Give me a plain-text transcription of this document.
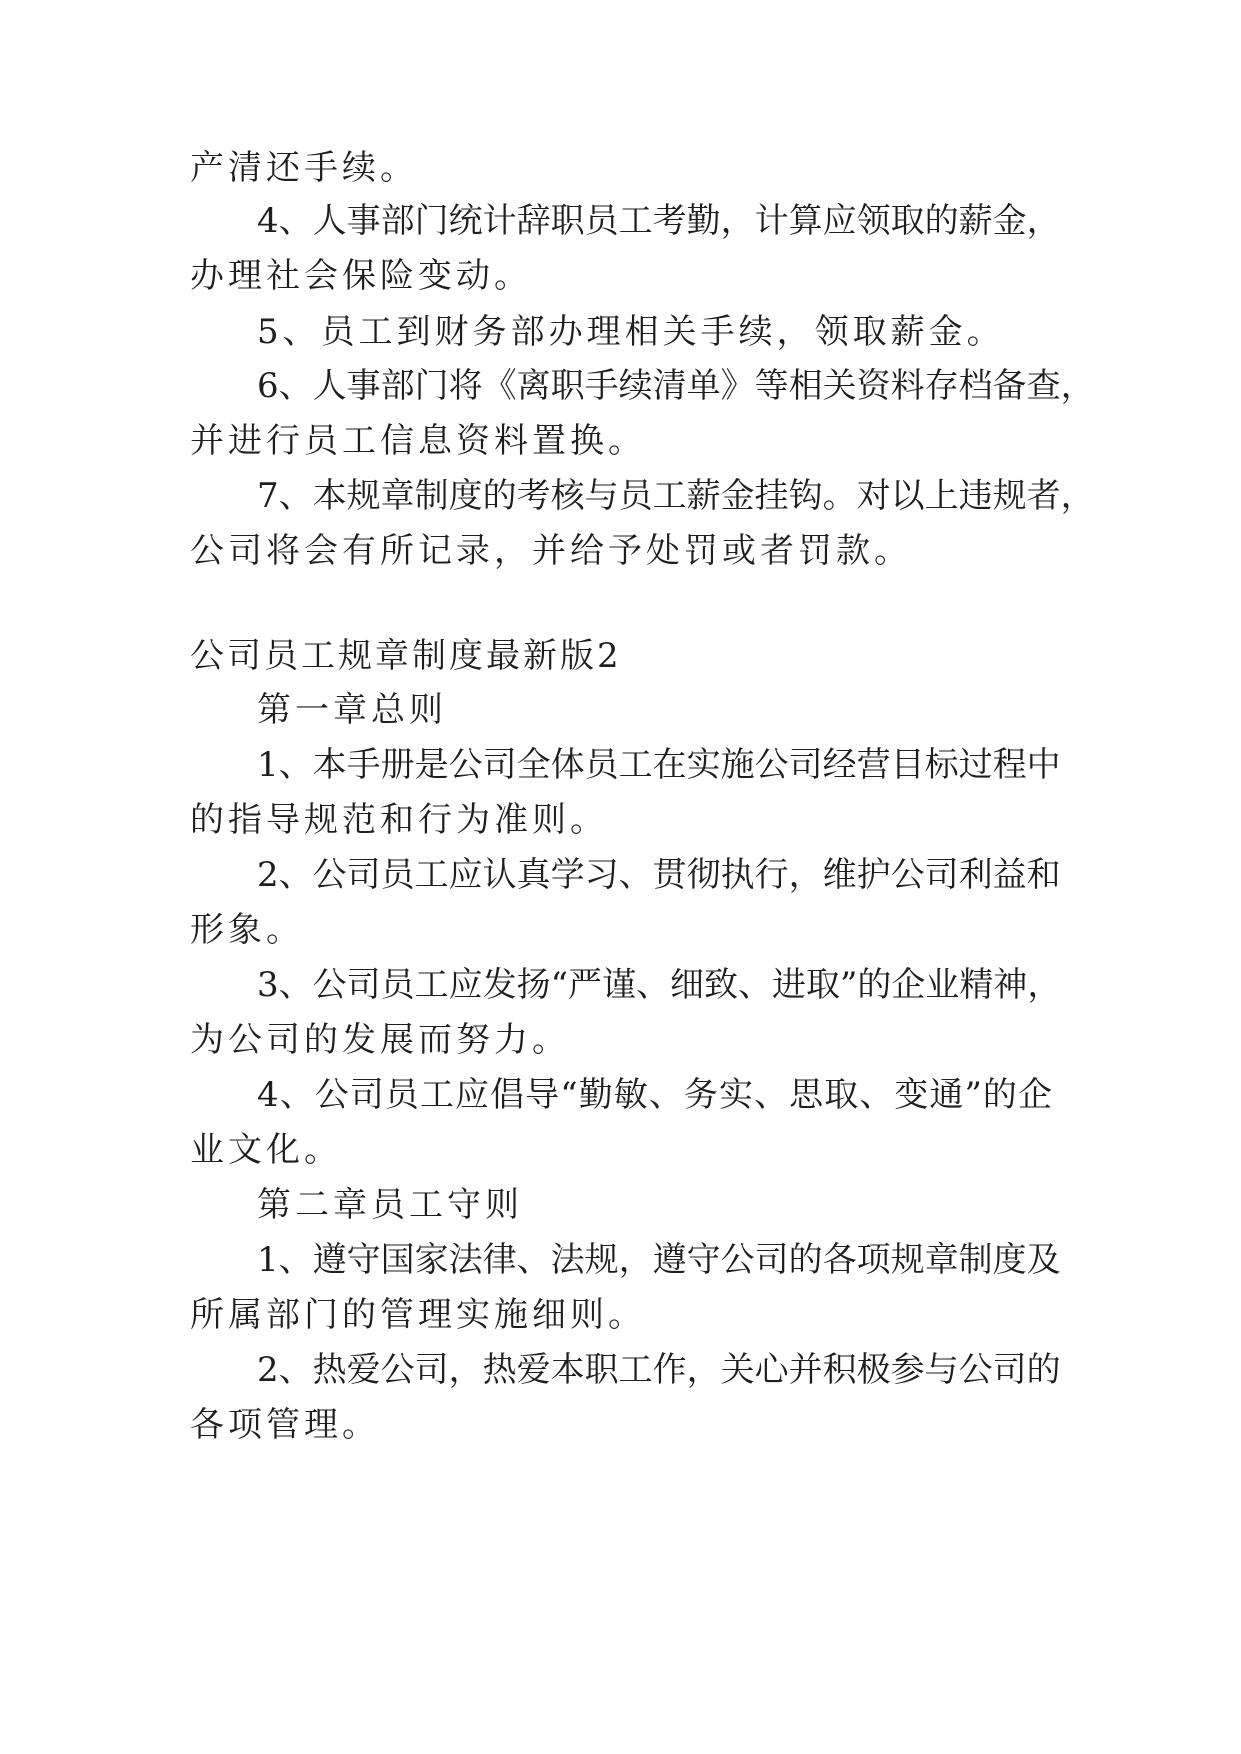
产清还手续。

4、人事部门统计辞职员工考勤，计算应领取的薪金，

办理社会保险变动。

5、员工到财务部办理相关手续，领取薪金。

6、人事部门将《离职手续清单》等相关资料存档备查，

并进行员工信息资料置换。

7、本规章制度的考核与员工薪金挂钩。对以上违规者，

公司将会有所记录，并给予处罚或者罚款。

公司员工规章制度最新版2

第一章总则

1、本手册是公司全体员工在实施公司经营目标过程中

的指导规范和行为准则。

2、公司员工应认真学习、贯彻执行，维护公司利益和

形象。

3、公司员工应发扬“严谨、细致、进取”的企业精神，

为公司的发展而努力。

4、公司员工应倡导“勤敏、务实、思取、变通”的企

业文化。

第二章员工守则

1、遵守国家法律、法规，遵守公司的各项规章制度及

所属部门的管理实施细则。

2、热爱公司，热爱本职工作，关心并积极参与公司的

各项管理。
